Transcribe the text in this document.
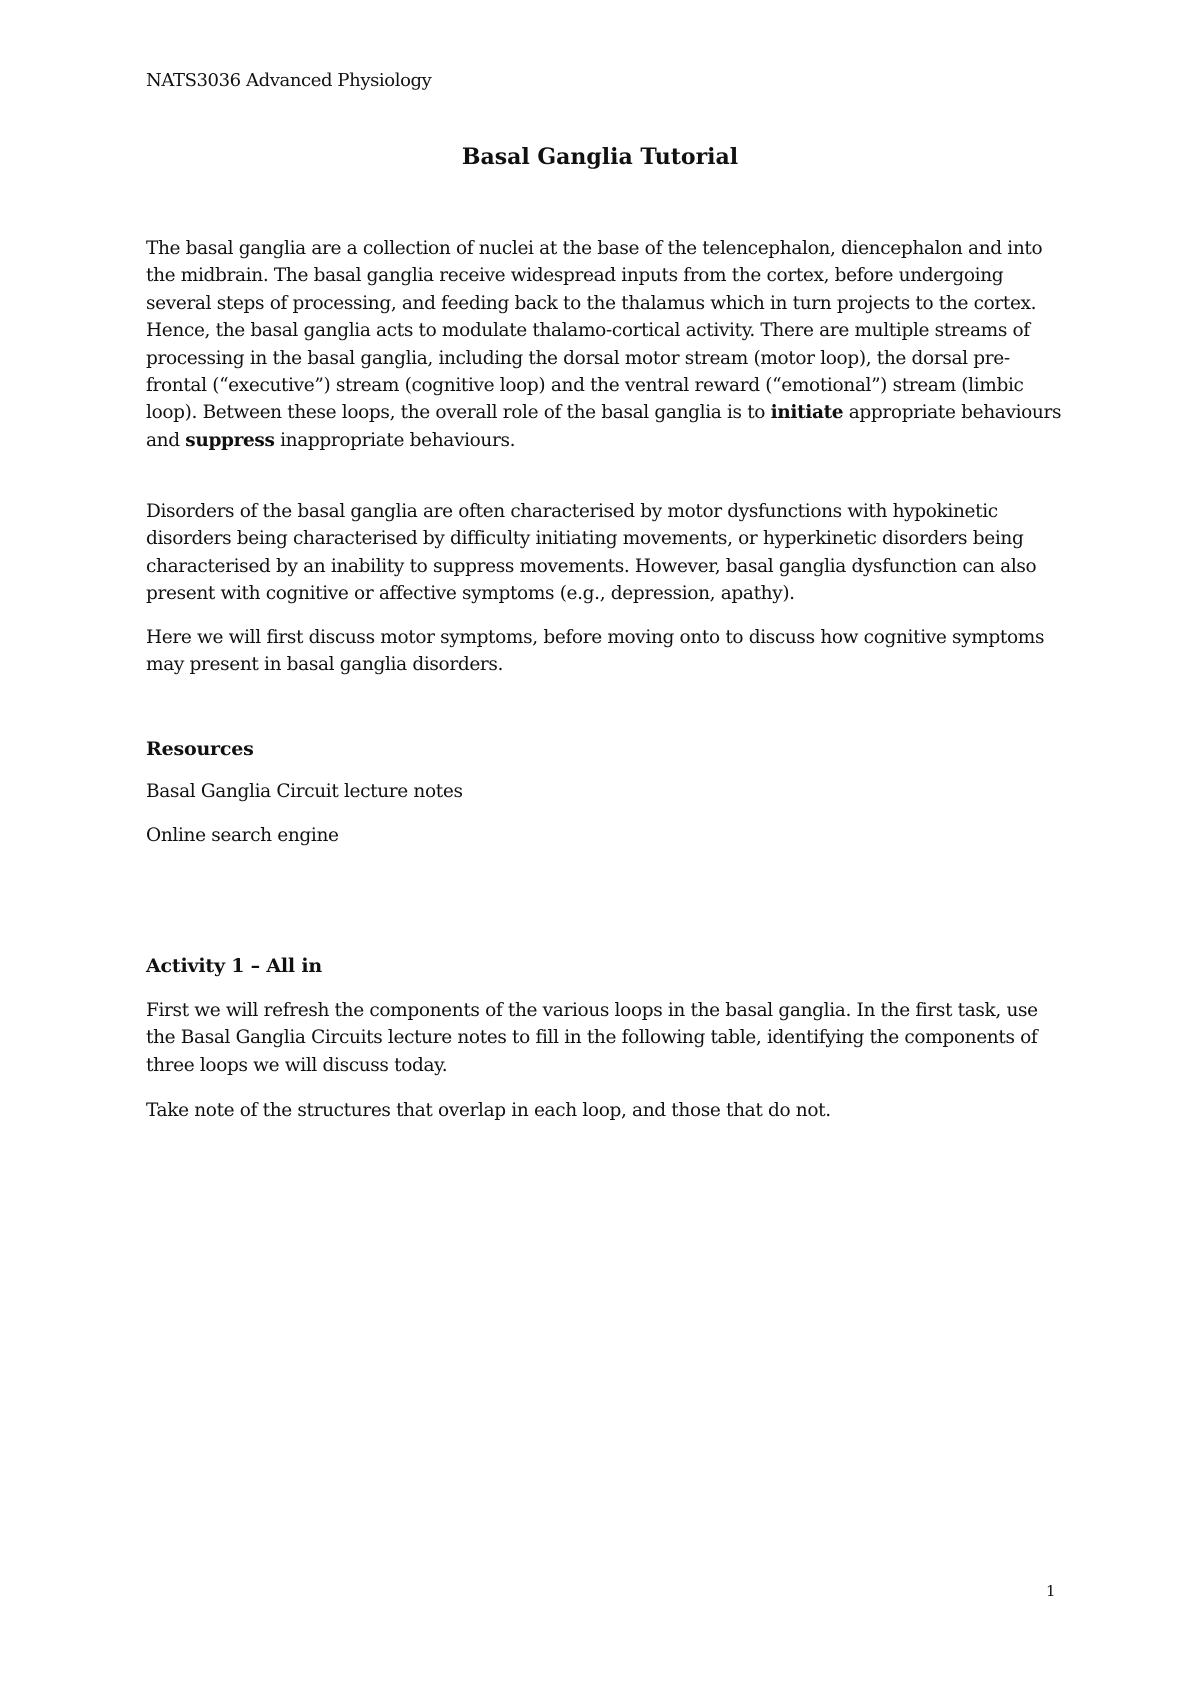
NATS3036 Advanced Physiology
Basal Ganglia Tutorial

The basal ganglia are a collection of nuclei at the base of the telencephalon, diencephalon and into the midbrain. The basal ganglia receive widespread inputs from the cortex, before undergoing several steps of processing, and feeding back to the thalamus which in turn projects to the cortex. Hence, the basal ganglia acts to modulate thalamo-cortical activity. There are multiple streams of processing in the basal ganglia, including the dorsal motor stream (motor loop), the dorsal pre-frontal (“executive”) stream (cognitive loop) and the ventral reward (“emotional”) stream (limbic loop). Between these loops, the overall role of the basal ganglia is to initiate appropriate behaviours and suppress inappropriate behaviours.

Disorders of the basal ganglia are often characterised by motor dysfunctions with hypokinetic disorders being characterised by difficulty initiating movements, or hyperkinetic disorders being characterised by an inability to suppress movements. However, basal ganglia dysfunction can also present with cognitive or affective symptoms (e.g., depression, apathy).

Here we will first discuss motor symptoms, before moving onto to discuss how cognitive symptoms may present in basal ganglia disorders.

Resources
Basal Ganglia Circuit lecture notes
Online search engine
Activity 1 – All in

First we will refresh the components of the various loops in the basal ganglia. In the first task, use the Basal Ganglia Circuits lecture notes to fill in the following table, identifying the components of three loops we will discuss today.

Take note of the structures that overlap in each loop, and those that do not.

1
